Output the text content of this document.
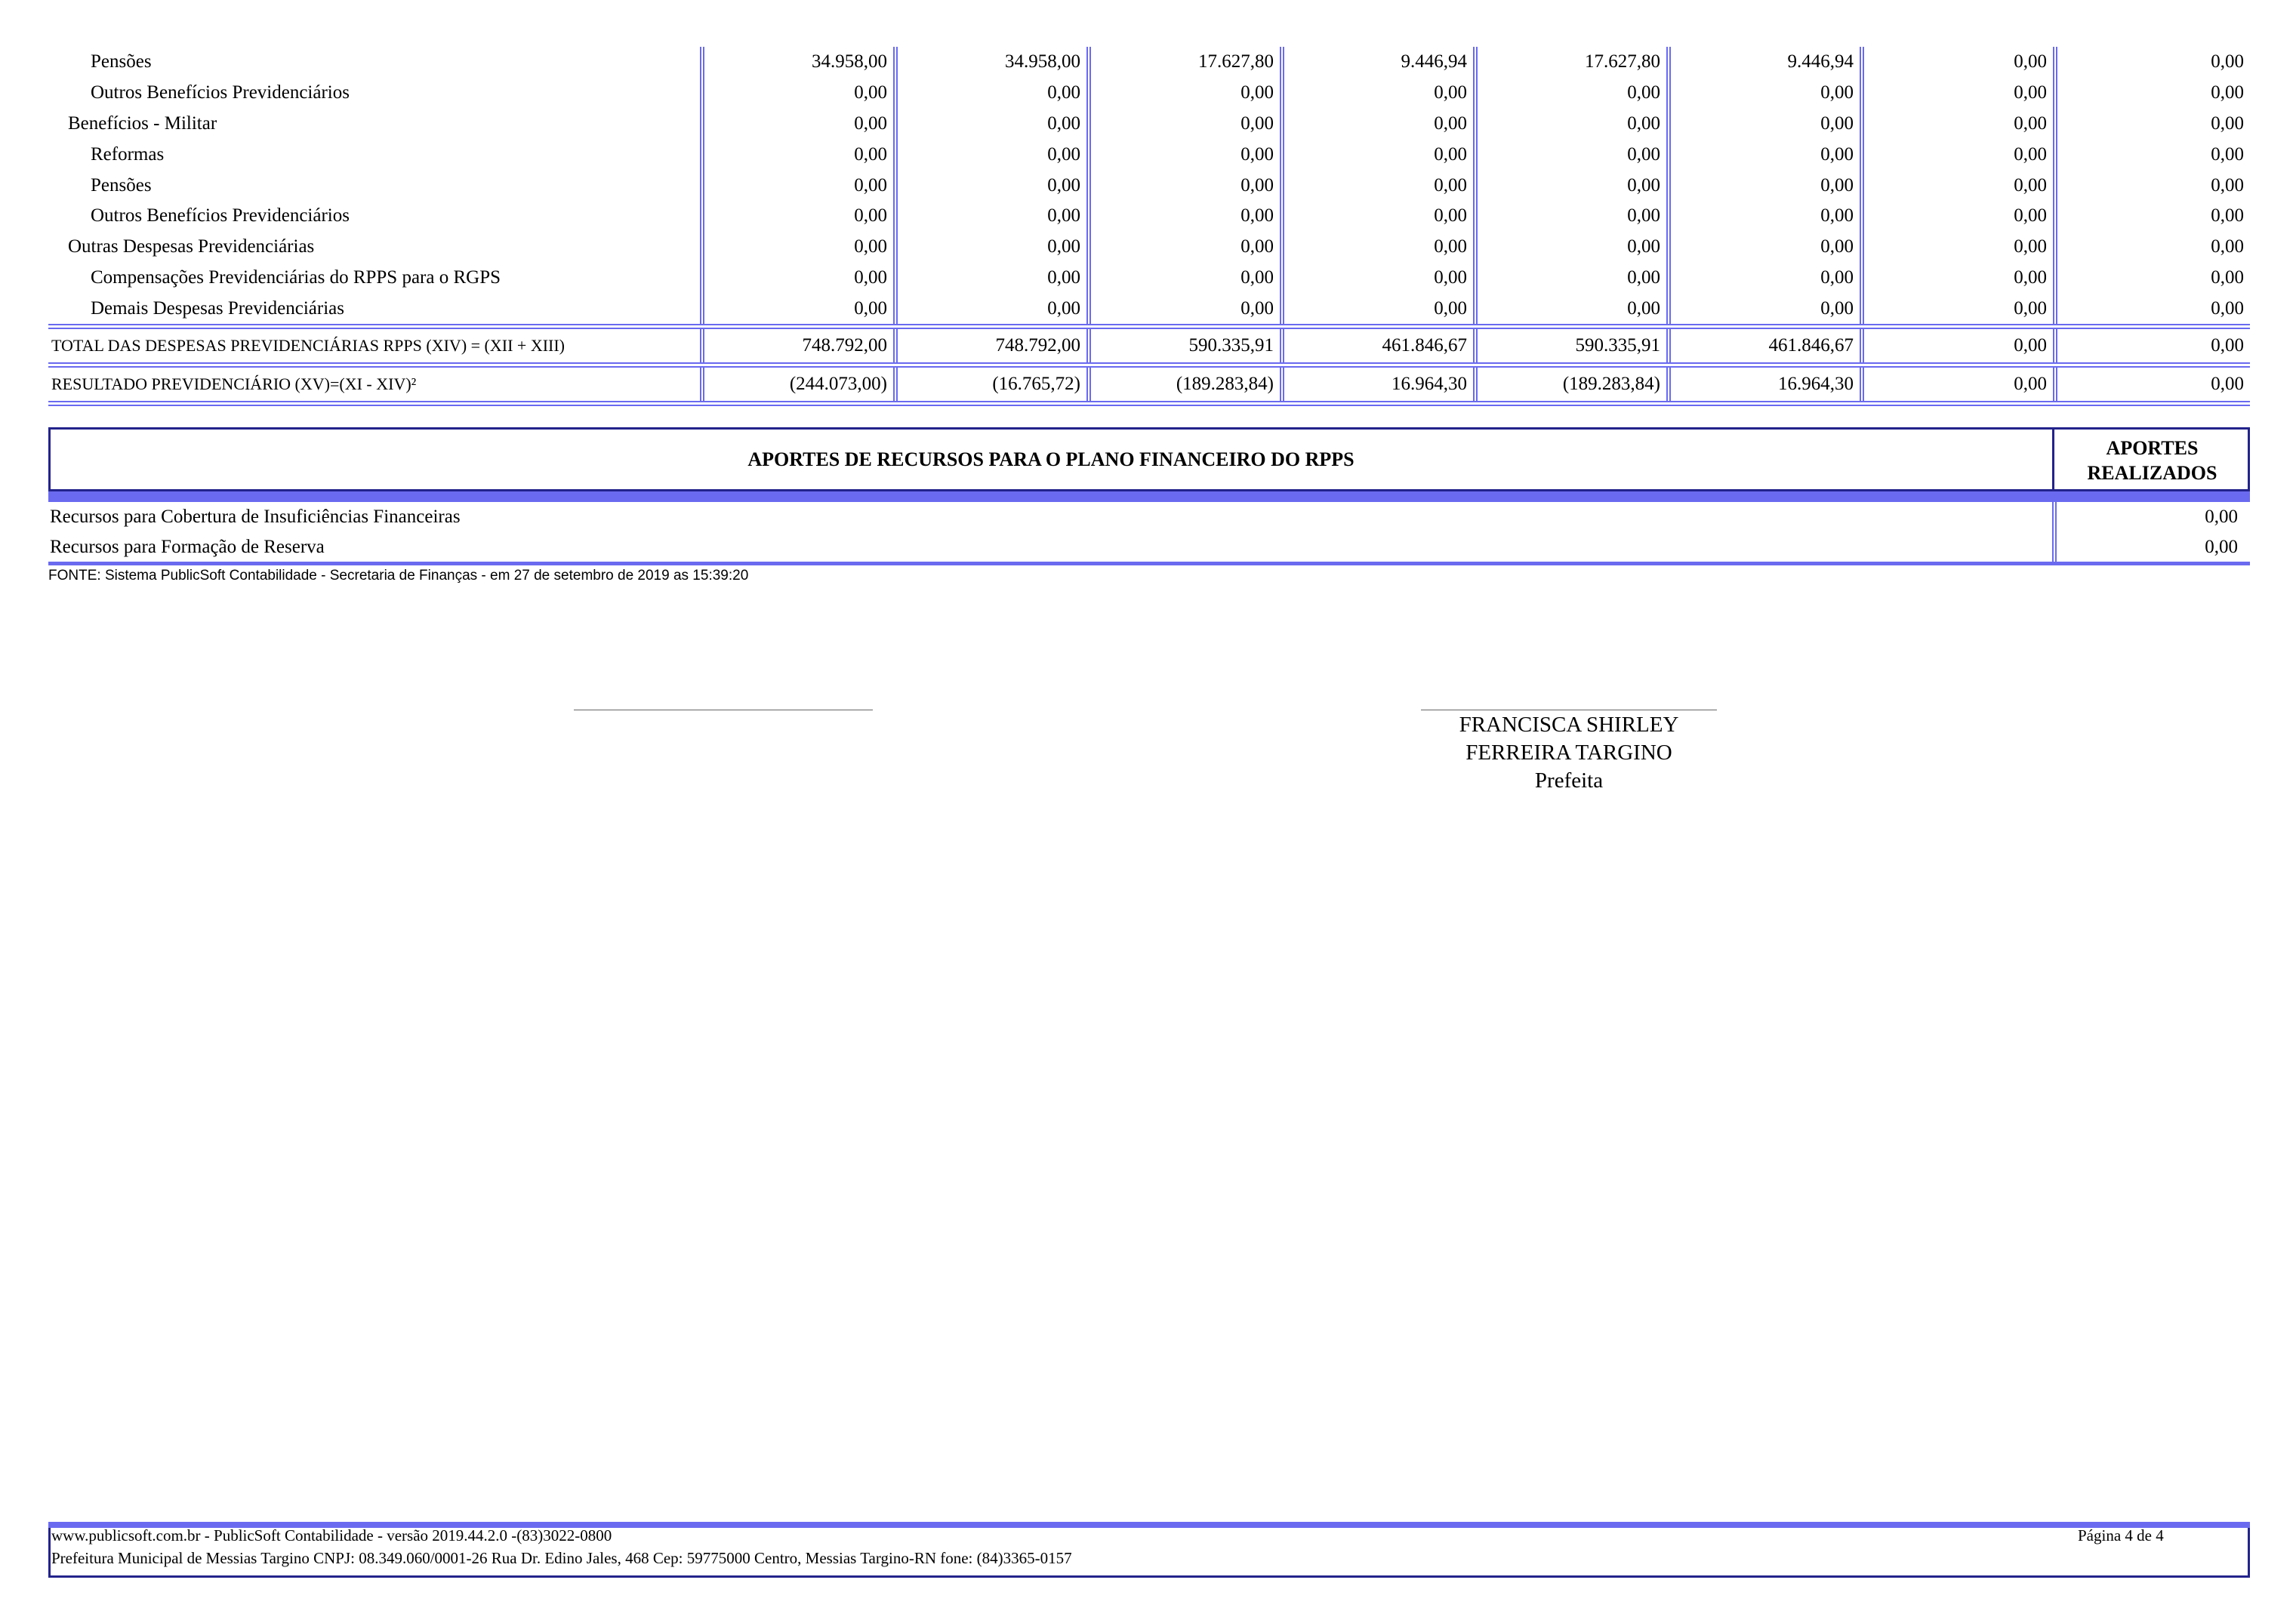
Pensões	34.958,00	34.958,00	17.627,80	9.446,94	17.627,80	9.446,94	0,00	0,00
Outros Benefícios Previdenciários	0,00	0,00	0,00	0,00	0,00	0,00	0,00	0,00
Benefícios - Militar	0,00	0,00	0,00	0,00	0,00	0,00	0,00	0,00
Reformas	0,00	0,00	0,00	0,00	0,00	0,00	0,00	0,00
Pensões	0,00	0,00	0,00	0,00	0,00	0,00	0,00	0,00
Outros Benefícios Previdenciários	0,00	0,00	0,00	0,00	0,00	0,00	0,00	0,00
Outras Despesas Previdenciárias	0,00	0,00	0,00	0,00	0,00	0,00	0,00	0,00
Compensações Previdenciárias do RPPS para o RGPS	0,00	0,00	0,00	0,00	0,00	0,00	0,00	0,00
Demais Despesas Previdenciárias	0,00	0,00	0,00	0,00	0,00	0,00	0,00	0,00
TOTAL DAS DESPESAS PREVIDENCIÁRIAS RPPS (XIV) = (XII + XIII)	748.792,00	748.792,00	590.335,91	461.846,67	590.335,91	461.846,67	0,00	0,00
RESULTADO PREVIDENCIÁRIO (XV)=(XI - XIV)²	(244.073,00)	(16.765,72)	(189.283,84)	16.964,30	(189.283,84)	16.964,30	0,00	0,00
APORTES DE RECURSOS PARA O PLANO FINANCEIRO DO RPPS	APORTES
REALIZADOS
Recursos para Cobertura de Insuficiências Financeiras	0,00
Recursos para Formação de Reserva	0,00
FONTE: Sistema PublicSoft Contabilidade - Secretaria de Finanças - em 27 de setembro de 2019 as 15:39:20
FRANCISCA SHIRLEY
FERREIRA TARGINO
Prefeita
www.publicsoft.com.br - PublicSoft Contabilidade - versão 2019.44.2.0 -(83)3022-0800
Prefeitura Municipal de Messias Targino CNPJ: 08.349.060/0001-26 Rua Dr. Edino Jales, 468 Cep: 59775000 Centro, Messias Targino-RN fone: (84)3365-0157
Página 4 de 4
